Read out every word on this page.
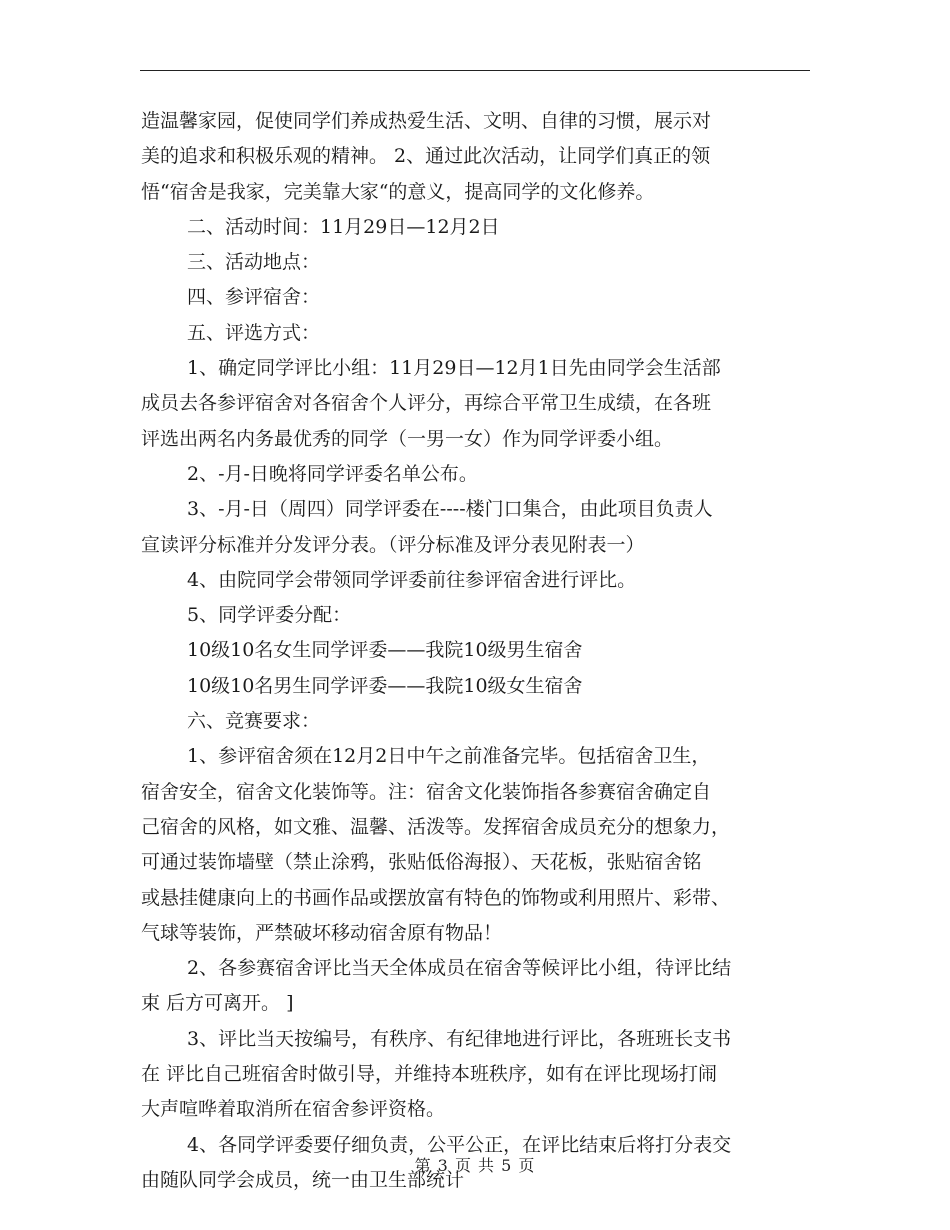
造温馨家园，促使同学们养成热爱生活、文明、自律的习惯，展示对
美的追求和积极乐观的精神。 2、通过此次活动，让同学们真正的领
悟“宿舍是我家，完美靠大家“的意义，提高同学的文化修养。
二、活动时间：11月29日—12月2日
三、活动地点：
四、参评宿舍：
五、评选方式：
1、确定同学评比小组：11月29日—12月1日先由同学会生活部
成员去各参评宿舍对各宿舍个人评分，再综合平常卫生成绩，在各班
评选出两名内务最优秀的同学（一男一女）作为同学评委小组。
2、-月-日晚将同学评委名单公布。
3、-月-日（周四）同学评委在----楼门口集合，由此项目负责人
宣读评分标准并分发评分表。（评分标准及评分表见附表一）
4、由院同学会带领同学评委前往参评宿舍进行评比。
5、同学评委分配：
10级10名女生同学评委——我院10级男生宿舍
10级10名男生同学评委——我院10级女生宿舍
六、竞赛要求：
1、参评宿舍须在12月2日中午之前准备完毕。包括宿舍卫生，
宿舍安全，宿舍文化装饰等。注：宿舍文化装饰指各参赛宿舍确定自
己宿舍的风格，如文雅、温馨、活泼等。发挥宿舍成员充分的想象力，
可通过装饰墙壁（禁止涂鸦，张贴低俗海报）、天花板，张贴宿舍铭
或悬挂健康向上的书画作品或摆放富有特色的饰物或利用照片、彩带、
气球等装饰，严禁破坏移动宿舍原有物品！
2、各参赛宿舍评比当天全体成员在宿舍等候评比小组，待评比结
束 后方可离开。 ]
3、评比当天按编号，有秩序、有纪律地进行评比，各班班长支书
在 评比自己班宿舍时做引导，并维持本班秩序，如有在评比现场打闹
大声喧哗着取消所在宿舍参评资格。
4、各同学评委要仔细负责，公平公正，在评比结束后将打分表交
由随队同学会成员，统一由卫生部统计
第 3 页 共 5 页
